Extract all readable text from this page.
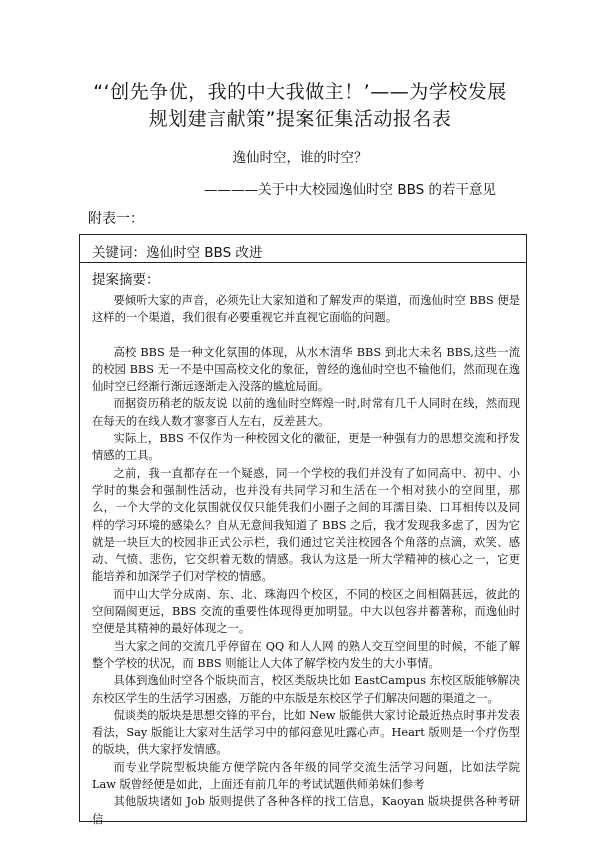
“‘创先争优，我的中大我做主！’——为学校发展
规划建言献策”提案征集活动报名表
逸仙时空，谁的时空？
————关于中大校园逸仙时空 BBS 的若干意见
附表一：
关键词：逸仙时空 BBS 改进
提案摘要：

要倾听大家的声音，必须先让大家知道和了解发声的渠道，而逸仙时空 BBS 便是这样的一个渠道，我们很有必要重视它并直视它面临的问题。

高校 BBS 是一种文化氛围的体现，从水木清华 BBS 到北大未名 BBS,这些一流的校园 BBS 无一不是中国高校文化的象征，曾经的逸仙时空也不输他们，然而现在逸仙时空已经渐行渐远逐渐走入没落的尴尬局面。

而据资历稍老的版友说 以前的逸仙时空辉煌一时,时常有几千人同时在线，然而现在每天的在线人数才寥寥百人左右，反差甚大。

实际上，BBS 不仅作为一种校园文化的徽征，更是一种强有力的思想交流和抒发情感的工具。

之前，我一直都存在一个疑惑，同一个学校的我们并没有了如同高中、初中、小学时的集会和强制性活动，也并没有共同学习和生活在一个相对狭小的空间里，那么，一个大学的文化氛围就仅仅只能凭我们小圈子之间的耳濡目染、口耳相传以及同样的学习环境的感染么？自从无意间我知道了 BBS 之后，我才发现我多虑了，因为它就是一块巨大的校园非正式公示栏，我们通过它关注校园各个角落的点滴，欢笑、感动、气愤、悲伤，它交织着无数的情感。我认为这是一所大学精神的核心之一，它更能培养和加深学子们对学校的情感。

而中山大学分成南、东、北、珠海四个校区，不同的校区之间相隔甚远，彼此的空间隔阂更远，BBS 交流的重要性体现得更加明显。中大以包容并蓄著称，而逸仙时空便是其精神的最好体现之一。

当大家之间的交流几乎停留在 QQ 和人人网 的熟人交互空间里的时候，不能了解整个学校的状况，而 BBS 则能让人大体了解学校内发生的大小事情。

具体到逸仙时空各个版块而言，校区类版块比如 EastCampus 东校区版能够解决东校区学生的生活学习困惑，万能的中东版是东校区学子们解决问题的渠道之一。

侃谈类的版块是思想交锋的平台，比如 New 版能供大家讨论最近热点时事并发表看法，Say 版能让大家对生活学习中的郁闷意见吐露心声。Heart 版则是一个疗伤型的版块，供大家抒发情感。

而专业学院型板块能方便学院内各年级的同学交流生活学习问题，比如法学院 Law 版曾经便是如此，上面还有前几年的考试试题供师弟妹们参考

其他版块诸如 Job 版则提供了各种各样的找工信息，Kaoyan 版块提供各种考研信
